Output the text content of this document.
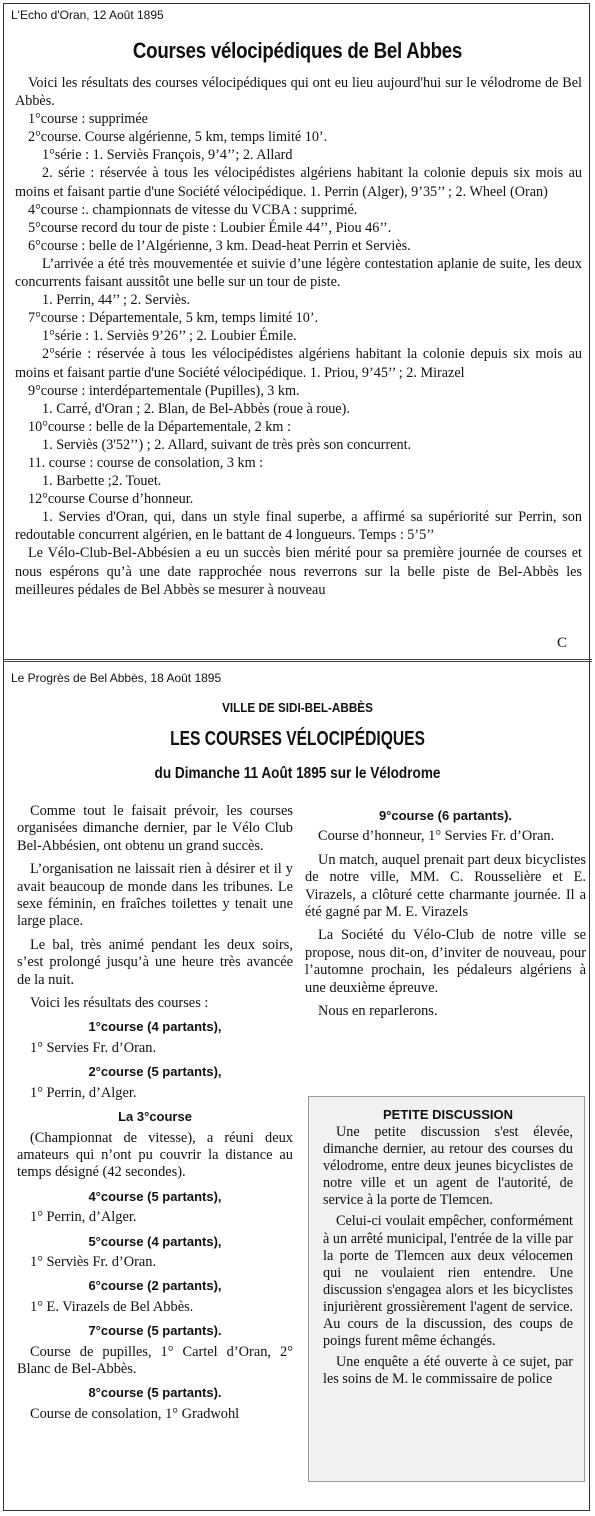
L'Echo d'Oran, 12 Août 1895
Courses vélocipédiques de Bel Abbes

Voici les résultats des courses vélocipédiques qui ont eu lieu aujourd'hui sur le vélodrome de Bel Abbès.

1°course : supprimée

2°course. Course algérienne, 5 km, temps limité 10’.

1°série : 1. Serviès François, 9’4’’; 2. Allard

2. série : réservée à tous les vélocipédistes algériens habitant la colonie depuis six mois au moins et faisant partie d'une Société vélocipédique. 1. Perrin (Alger), 9’35’’ ; 2. Wheel (Oran)

4°course :. championnats de vitesse du VCBA : supprimé.

5°course record du tour de piste : Loubier Émile 44’’, Piou 46’’.

6°course : belle de l’Algérienne, 3 km. Dead-heat Perrin et Serviès.

L’arrivée a été très mouvementée et suivie d’une légère contestation aplanie de suite, les deux concurrents faisant aussitôt une belle sur un tour de piste.

1. Perrin, 44’’ ; 2. Serviès.

7°course : Départementale, 5 km, temps limité 10’.

1°série : 1. Serviès 9’26’’ ; 2. Loubier Émile.

2°série : réservée à tous les vélocipédistes algériens habitant la colonie depuis six mois au moins et faisant partie d'une Société vélocipédique. 1. Priou, 9’45’’ ; 2. Mirazel

9°course : interdépartementale (Pupilles), 3 km.

1. Carré, d'Oran ; 2. Blan, de Bel-Abbès (roue à roue).

10°course : belle de la Départementale, 2 km :

1. Serviès (3'52’’) ; 2. Allard, suivant de très près son concurrent.

11. course : course de consolation, 3 km :

1. Barbette ;2. Touet.

12°course Course d’honneur.

1. Servies d'Oran, qui, dans un style final superbe, a affirmé sa supériorité sur Perrin, son redoutable concurrent algérien, en le battant de 4 longueurs. Temps : 5’5’’

Le Vélo-Club-Bel-Abbésien a eu un succès bien mérité pour sa première journée de courses et nous espérons qu’à une date rapprochée nous reverrons sur la belle piste de Bel-Abbès les meilleures pédales de Bel Abbès se mesurer à nouveau

C
Le Progrès de Bel Abbès, 18 Août 1895
VILLE DE SIDI-BEL-ABBÈS
LES COURSES VÉLOCIPÉDIQUES
du Dimanche 11 Août 1895 sur le Vélodrome

Comme tout le faisait prévoir, les courses organisées dimanche dernier, par le Vélo Club Bel-Abbésien, ont obtenu un grand succès.

L’organisation ne laissait rien à désirer et il y avait beaucoup de monde dans les tribunes. Le sexe féminin, en fraîches toilettes y tenait une large place.

Le bal, très animé pendant les deux soirs, s’est prolongé jusqu’à une heure très avancée de la nuit.

Voici les résultats des courses :

1°course (4 partants),

1° Servies Fr. d’Oran.

2°course (5 partants),

1° Perrin, d’Alger.

La 3°course

(Championnat de vitesse), a réuni deux amateurs qui n’ont pu couvrir la distance au temps désigné (42 secondes).

4°course (5 partants),

1° Perrin, d’Alger.

5°course (4 partants),

1° Serviès Fr. d’Oran.

6°course (2 partants),

1° E. Virazels de Bel Abbès.

7°course (5 partants).

Course de pupilles, 1° Cartel d’Oran, 2° Blanc de Bel-Abbès.

8°course (5 partants).

Course de consolation, 1° Gradwohl

9°course (6 partants).

Course d’honneur, 1° Servies Fr. d’Oran.

Un match, auquel prenait part deux bicyclistes de notre ville, MM. C. Rousselière et E. Virazels, a clôturé cette charmante journée. Il a été gagné par M. E. Virazels

La Société du Vélo-Club de notre ville se propose, nous dit-on, d’inviter de nouveau, pour l’automne prochain, les pédaleurs algériens à une deuxième épreuve.

Nous en reparlerons.

PETITE DISCUSSION

Une petite discussion s'est élevée, dimanche dernier, au retour des courses du vélodrome, entre deux jeunes bicyclistes de notre ville et un agent de l'autorité, de service à la porte de Tlemcen.

Celui-ci voulait empêcher, conformément à un arrêté municipal, l'entrée de la ville par la porte de Tlemcen aux deux vélocemen qui ne voulaient rien entendre. Une discussion s'engagea alors et les bicyclistes injurièrent grossièrement l'agent de service. Au cours de la discussion, des coups de poings furent même échangés.

Une enquête a été ouverte à ce sujet, par les soins de M. le commissaire de police
